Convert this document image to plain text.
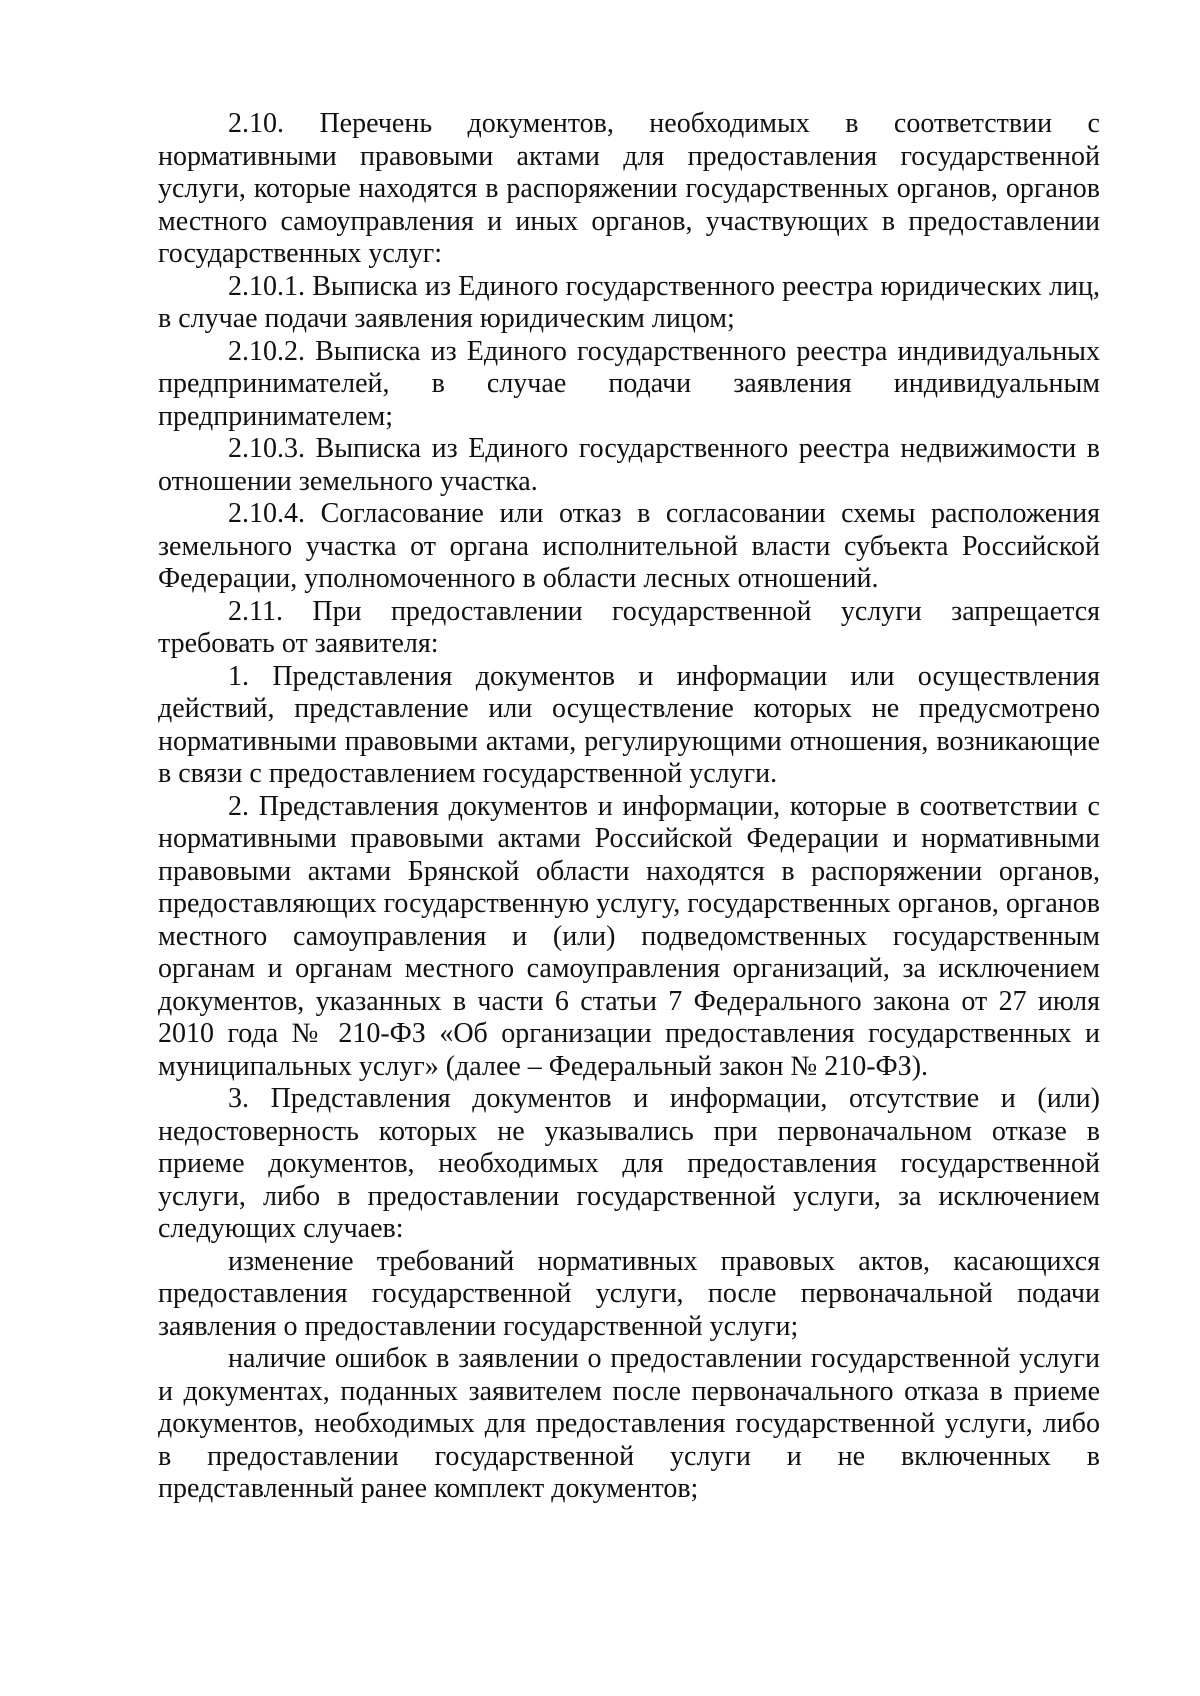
2.10. Перечень документов, необходимых в соответствии с нормативными правовыми актами для предоставления государственной услуги, которые находятся в распоряжении государственных органов, органов местного самоуправления и иных органов, участвующих в предоставлении государственных услуг:

2.10.1. Выписка из Единого государственного реестра юридических лиц, в случае подачи заявления юридическим лицом;

2.10.2. Выписка из Единого государственного реестра индивидуальных предпринимателей, в случае подачи заявления индивидуальным предпринимателем;

2.10.3. Выписка из Единого государственного реестра недвижимости в отношении земельного участка.

2.10.4. Согласование или отказ в согласовании схемы расположения земельного участка от органа исполнительной власти субъекта Российской Федерации, уполномоченного в области лесных отношений.

2.11. При предоставлении государственной услуги запрещается требовать от заявителя:

1. Представления документов и информации или осуществления действий, представление или осуществление которых не предусмотрено нормативными правовыми актами, регулирующими отношения, возникающие в связи с предоставлением государственной услуги.

2. Представления документов и информации, которые в соответствии с нормативными правовыми актами Российской Федерации и нормативными правовыми актами Брянской области находятся в распоряжении органов, предоставляющих государственную услугу, государственных органов, органов местного самоуправления и (или) подведомственных государственным органам и органам местного самоуправления организаций, за исключением документов, указанных в части 6 статьи 7 Федерального закона от 27 июля 2010 года № 210-ФЗ «Об организации предоставления государственных и муниципальных услуг» (далее – Федеральный закон № 210-ФЗ).

3. Представления документов и информации, отсутствие и (или) недостоверность которых не указывались при первоначальном отказе в приеме документов, необходимых для предоставления государственной услуги, либо в предоставлении государственной услуги, за исключением следующих случаев:

изменение требований нормативных правовых актов, касающихся предоставления государственной услуги, после первоначальной подачи заявления о предоставлении государственной услуги;

наличие ошибок в заявлении о предоставлении государственной услуги и документах, поданных заявителем после первоначального отказа в приеме документов, необходимых для предоставления государственной услуги, либо в предоставлении государственной услуги и не включенных в представленный ранее комплект документов;
